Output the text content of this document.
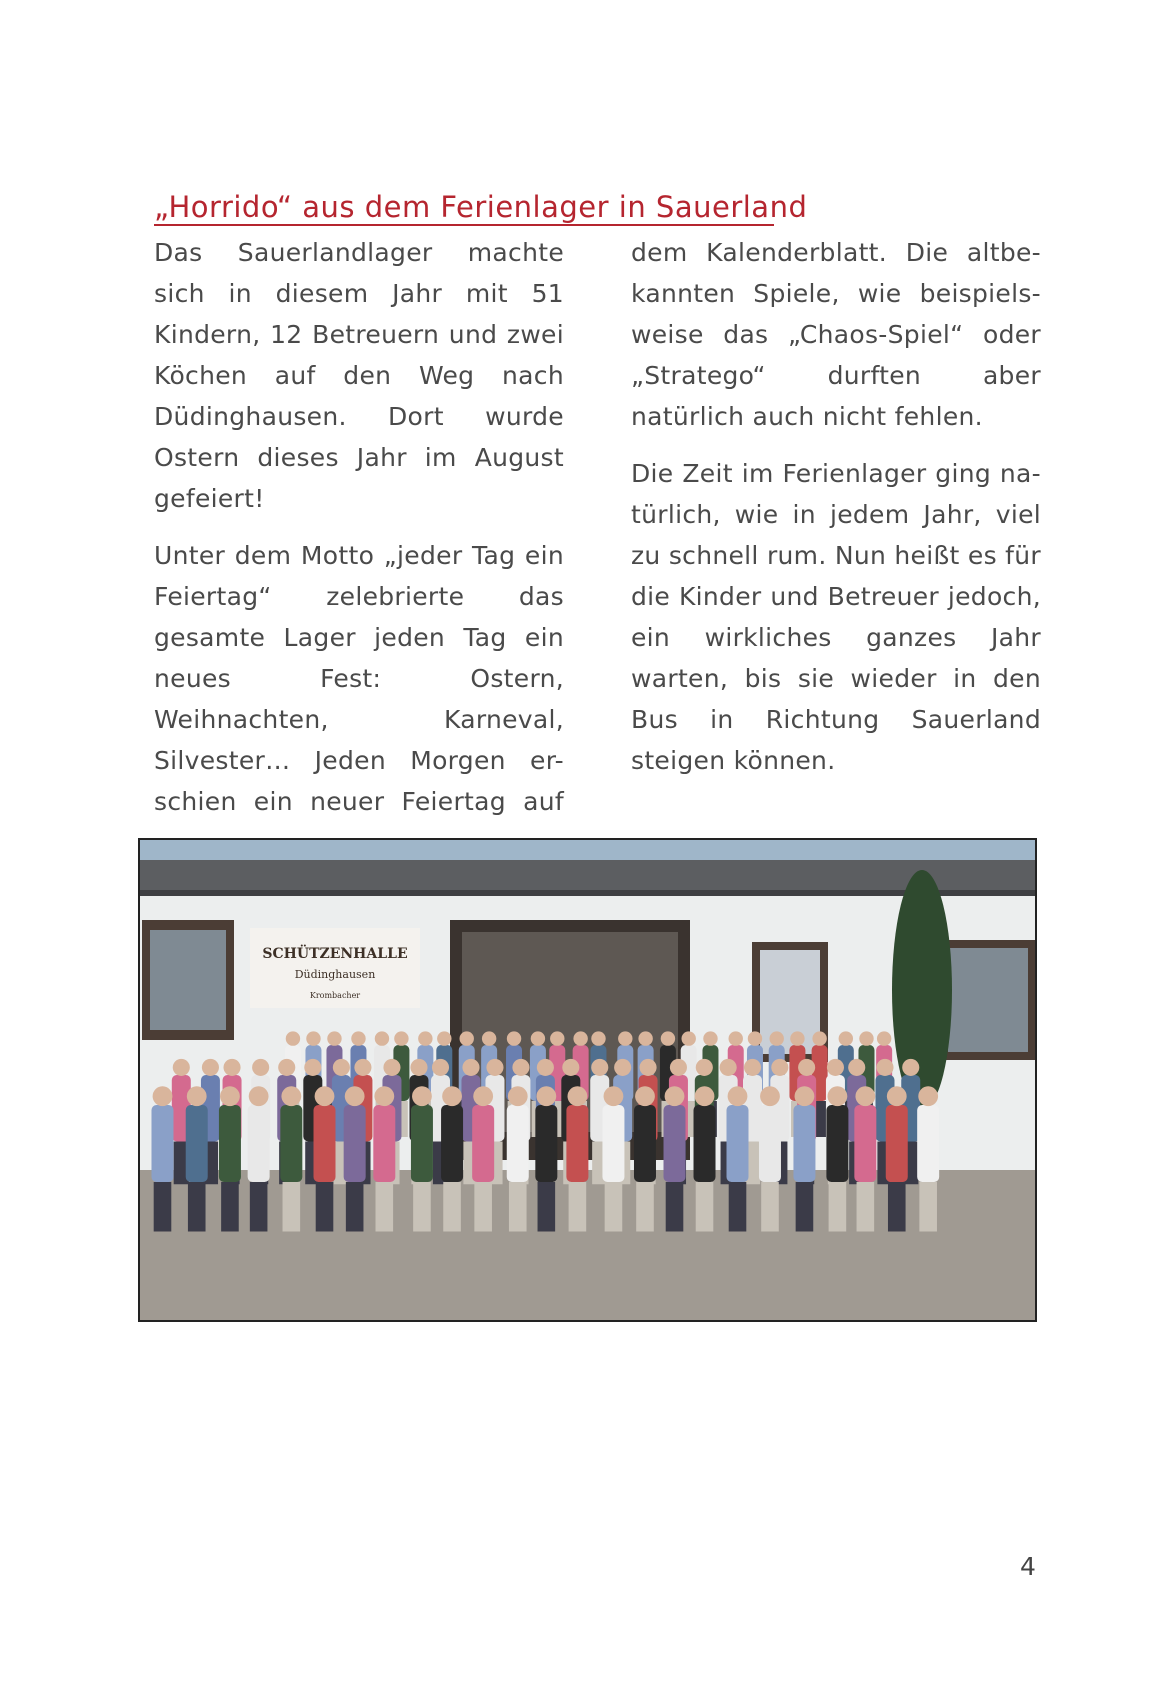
„Horrido“ aus dem Ferienlager in Sauerland

Das Sauerlandlager machte sich in diesem Jahr mit 51 Kindern, 12 Betreuern und zwei Köchen auf den Weg nach Düdinghausen. Dort wurde Ostern dieses Jahr im August gefeiert!

Unter dem Motto „jeder Tag ein Feiertag“ zelebrierte das gesamte Lager jeden Tag ein neues Fest: Ostern, Weihnachten, Karneval, Silvester… Jeden Morgen er-schien ein neuer Feiertag auf

dem Kalenderblatt. Die altbe-kannten Spiele, wie beispiels-weise das „Chaos-Spiel“ oder „Stratego“ durften aber natürlich auch nicht fehlen.

Die Zeit im Ferienlager ging na-türlich, wie in jedem Jahr, viel zu schnell rum. Nun heißt es für die Kinder und Betreuer jedoch, ein wirkliches ganzes Jahr warten, bis sie wieder in den Bus in Richtung Sauerland steigen können.

SCHÜTZENHALLE
Düdinghausen
Krombacher
4
